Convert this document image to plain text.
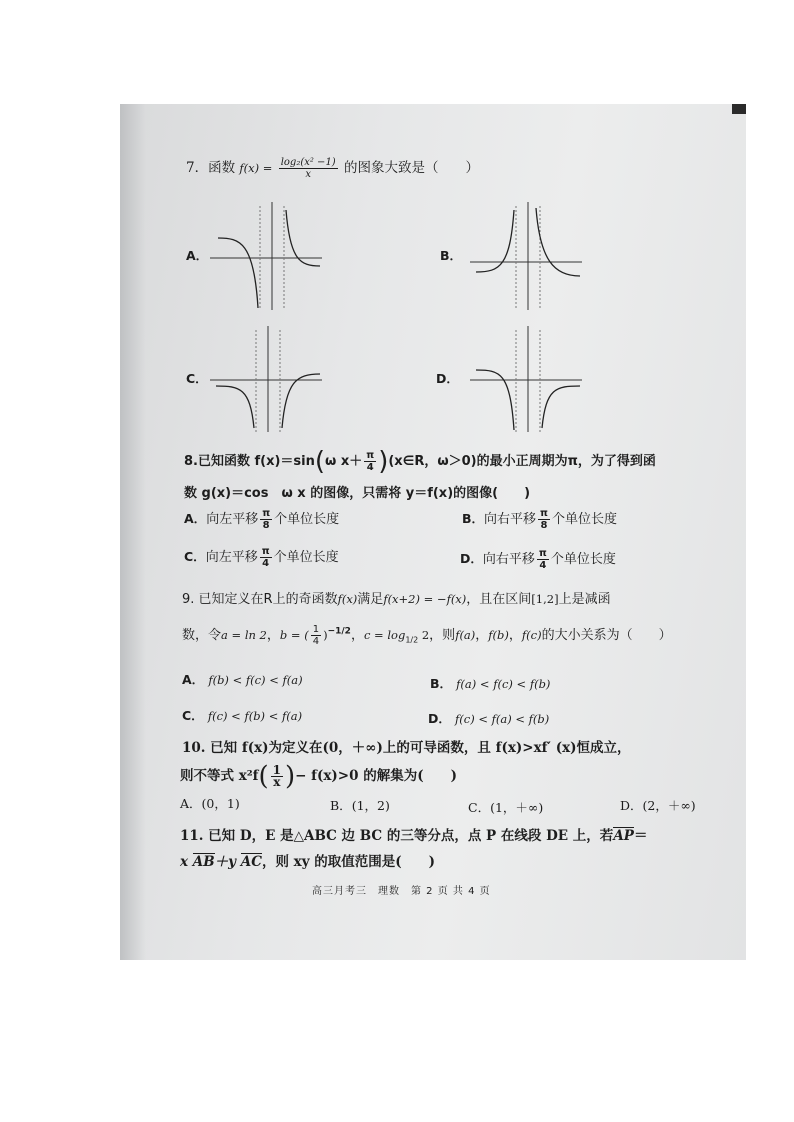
7．函数 $f(x) = \frac{\text{log₂(x² −1)}}{x}$ 的图象大致是（　　）
A．	B．
C．	D．
8.已知函数 f(x)＝sin(ω $x+ \frac{\pi}{4}$ )(x∈R，ω＞0)的最小正周期为π，为了得到函
数 g(x)＝cos　ω x 的图像，只需将 y＝f(x)的图像(　　)
A．向左平移 $\frac{\pi}{8}$ 个单位长度	B．向右平移 $\frac{\pi}{8}$ 个单位长度
C．向左平移 $\frac{\pi}{4}$ 个单位长度	D．向右平移 $\frac{\pi}{4}$ 个单位长度
9. 已知定义在R上的奇函数f(x)满足f(x+2) = −f(x)，且在区间[1,2]上是减函
数，令a = ln 2，b = ( $\frac{1}{4} )^{-1/2}$，$c = \log_{1/2} 2$，则f(a)，f(b)，f(c)的大小关系为（　　）
A． f(b) < f(c) < f(a)	B． f(a) < f(c) < f(b)
C． f(c) < f(b) < f(a)	D． f(c) < f(a) < f(b)
10. 已知 f(x)为定义在(0，＋∞)上的可导函数，且 f(x)>xf′ (x)恒成立，
则不等式 $x^2f( \frac{1}{x}$ )− f(x)>0 的解集为(　　)
A．(0，1)	B．(1，2)	C．(1，＋∞)	D．(2，＋∞)
11. 已知 D，E 是△ABC 边 BC 的三等分点，点 P 在线段 DE 上，若AP＝
x AB＋y AC，则 xy 的取值范围是(　　)
高三月考三　理数　第 2 页 共 4 页
